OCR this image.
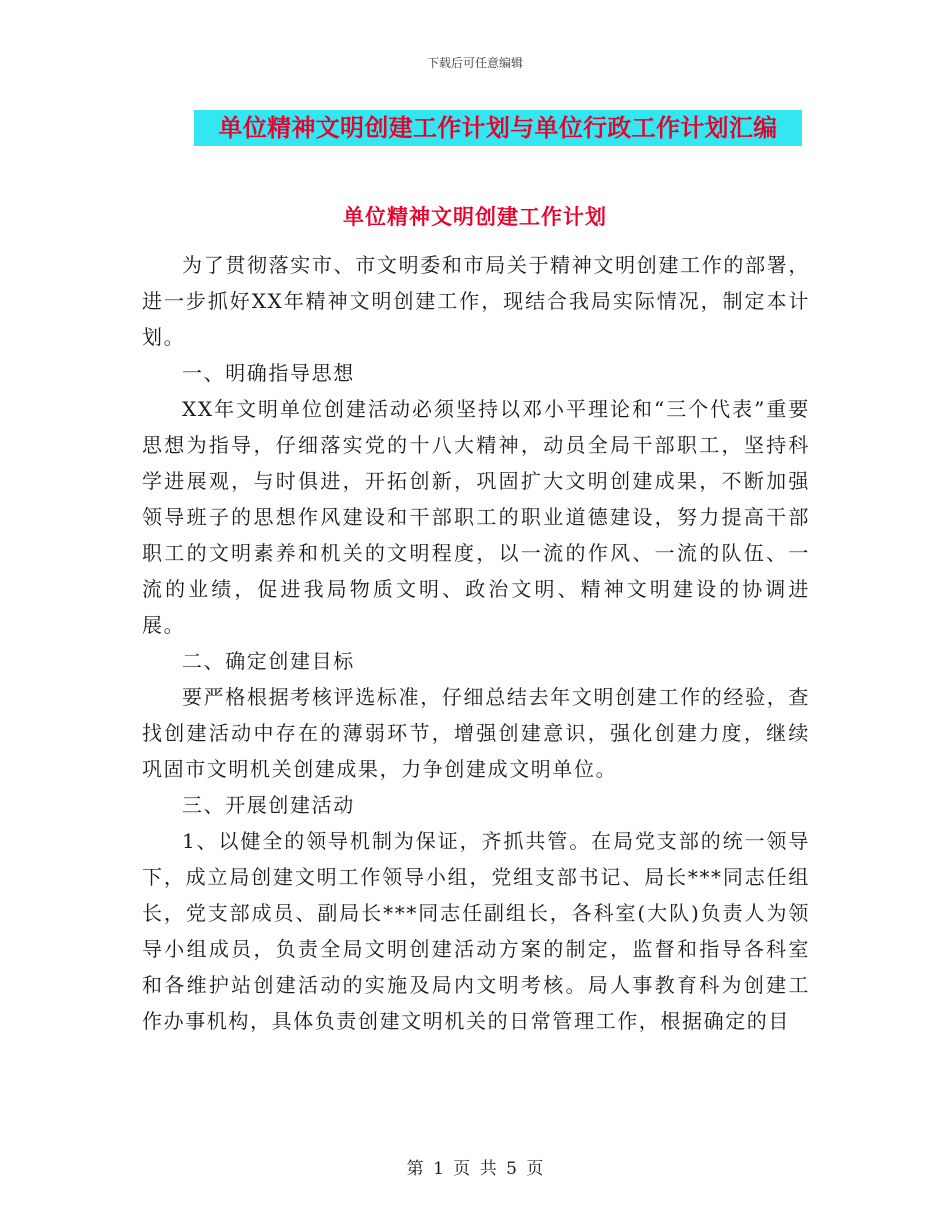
下载后可任意编辑
单位精神文明创建工作计划与单位行政工作计划汇编
单位精神文明创建工作计划

为了贯彻落实市、市文明委和市局关于精神文明创建工作的部署，进一步抓好XX年精神文明创建工作，现结合我局实际情况，制定本计划。

一、明确指导思想

XX年文明单位创建活动必须坚持以邓小平理论和“三个代表”重要思想为指导，仔细落实党的十八大精神，动员全局干部职工，坚持科学进展观，与时俱进，开拓创新，巩固扩大文明创建成果，不断加强领导班子的思想作风建设和干部职工的职业道德建设，努力提高干部职工的文明素养和机关的文明程度，以一流的作风、一流的队伍、一流的业绩，促进我局物质文明、政治文明、精神文明建设的协调进展。

二、确定创建目标

要严格根据考核评选标准，仔细总结去年文明创建工作的经验，查找创建活动中存在的薄弱环节，增强创建意识，强化创建力度，继续巩固市文明机关创建成果，力争创建成文明单位。

三、开展创建活动

1、以健全的领导机制为保证，齐抓共管。在局党支部的统一领导下，成立局创建文明工作领导小组，党组支部书记、局长***同志任组长，党支部成员、副局长***同志任副组长，各科室(大队)负责人为领导小组成员，负责全局文明创建活动方案的制定，监督和指导各科室和各维护站创建活动的实施及局内文明考核。局人事教育科为创建工作办事机构，具体负责创建文明机关的日常管理工作，根据确定的目

第 1 页 共 5 页
